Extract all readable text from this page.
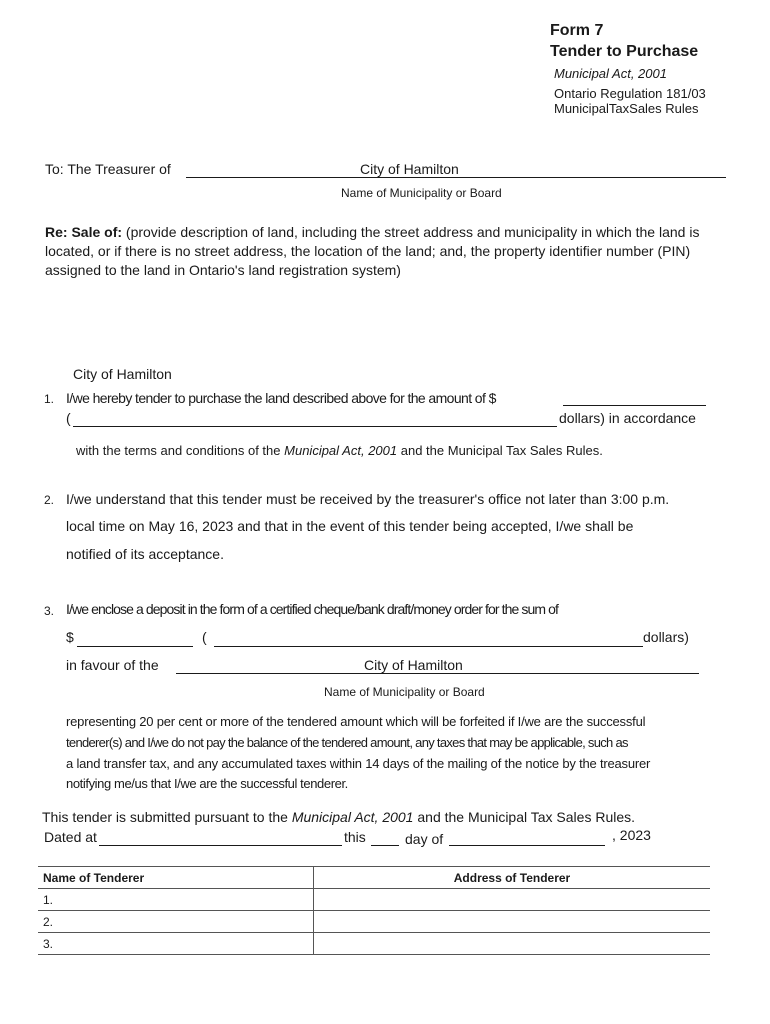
Form 7
Tender to Purchase
Municipal Act, 2001
Ontario Regulation 181/03
MunicipalTaxSales Rules
To: The Treasurer of	City of Hamilton
Name of Municipality or Board
Re: Sale of: (provide description of land, including the street address and municipality in which the land is located, or if there is no street address, the location of the land; and, the property identifier number (PIN) assigned to the land in Ontario's land registration system)
City of Hamilton
1. I/we hereby tender to purchase the land described above for the amount of $
(	dollars) in accordance
with the terms and conditions of the Municipal Act, 2001 and the Municipal Tax Sales Rules.
2. I/we understand that this tender must be received by the treasurer's office not later than 3:00 p.m.
local time on May 16, 2023 and that in the event of this tender being accepted, I/we shall be
notified of its acceptance.
3. I/we enclose a deposit in the form of a certified cheque/bank draft/money order for the sum of
$	(	dollars)
in favour of the	City of Hamilton
Name of Municipality or Board
representing 20 per cent or more of the tendered amount which will be forfeited if I/we are the successful
tenderer(s) and I/we do not pay the balance of the tendered amount, any taxes that may be applicable, such as
a land transfer tax, and any accumulated taxes within 14 days of the mailing of the notice by the treasurer
notifying me/us that I/we are the successful tenderer.
This tender is submitted pursuant to the Municipal Act, 2001 and the Municipal Tax Sales Rules.
Dated at	this	day of	, 2023
Name of Tenderer	Address of Tenderer
1.	
2.	
3.	
